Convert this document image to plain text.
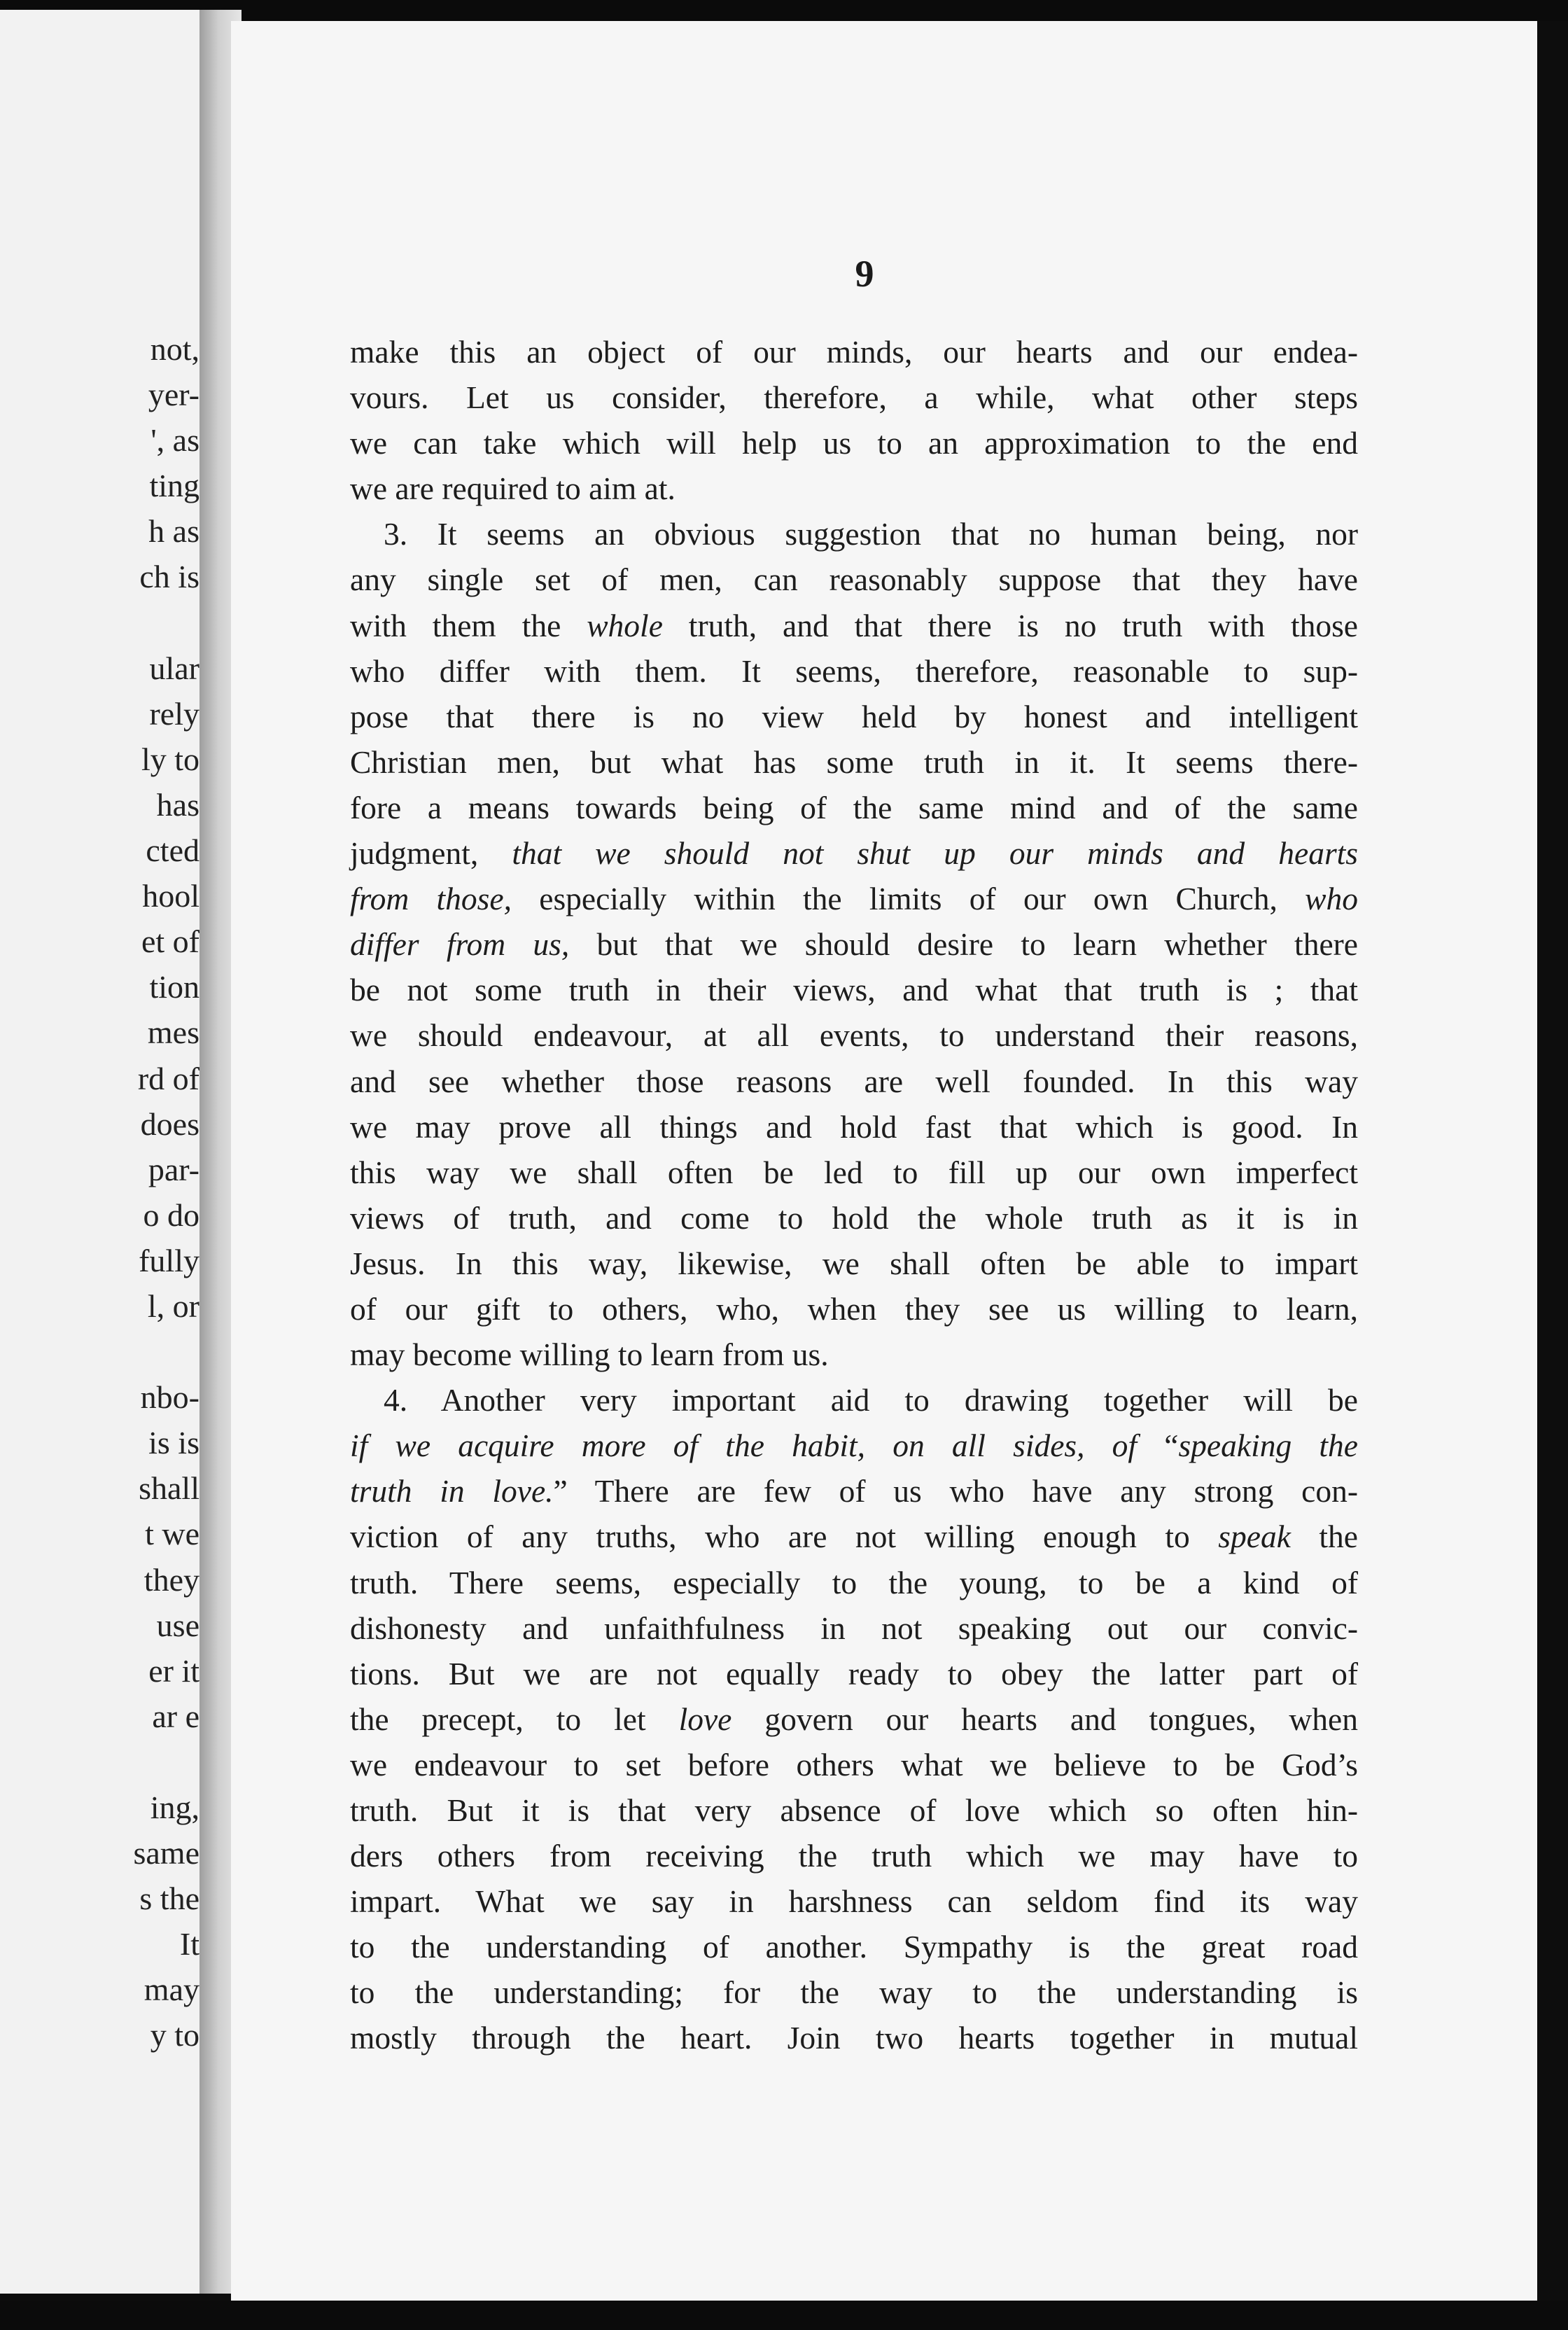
not,
yer-
', as
ting
h as
ch is
ular
rely
ly to
has
cted
hool
et of
tion
mes
rd of
does
par-
o do
fully
l, or
nbo-
is is
shall
t we
they
use
er it
ar e
ing,
same
s the
It
may
y to
9
make this an object of our minds, our hearts and our endea-
vours. Let us consider, therefore, a while, what other steps
we can take which will help us to an approximation to the end
we are required to aim at.
3. It seems an obvious suggestion that no human being, nor
any single set of men, can reasonably suppose that they have
with them the whole truth, and that there is no truth with those
who differ with them. It seems, therefore, reasonable to sup-
pose that there is no view held by honest and intelligent
Christian men, but what has some truth in it. It seems there-
fore a means towards being of the same mind and of the same
judgment, that we should not shut up our minds and hearts
from those, especially within the limits of our own Church, who
differ from us, but that we should desire to learn whether there
be not some truth in their views, and what that truth is ; that
we should endeavour, at all events, to understand their reasons,
and see whether those reasons are well founded. In this way
we may prove all things and hold fast that which is good. In
this way we shall often be led to fill up our own imperfect
views of truth, and come to hold the whole truth as it is in
Jesus. In this way, likewise, we shall often be able to impart
of our gift to others, who, when they see us willing to learn,
may become willing to learn from us.
4. Another very important aid to drawing together will be
if we acquire more of the habit, on all sides, of “speaking the
truth in love.” There are few of us who have any strong con-
viction of any truths, who are not willing enough to speak the
truth. There seems, especially to the young, to be a kind of
dishonesty and unfaithfulness in not speaking out our convic-
tions. But we are not equally ready to obey the latter part of
the precept, to let love govern our hearts and tongues, when
we endeavour to set before others what we believe to be God’s
truth. But it is that very absence of love which so often hin-
ders others from receiving the truth which we may have to
impart. What we say in harshness can seldom find its way
to the understanding of another. Sympathy is the great road
to the understanding; for the way to the understanding is
mostly through the heart. Join two hearts together in mutual
